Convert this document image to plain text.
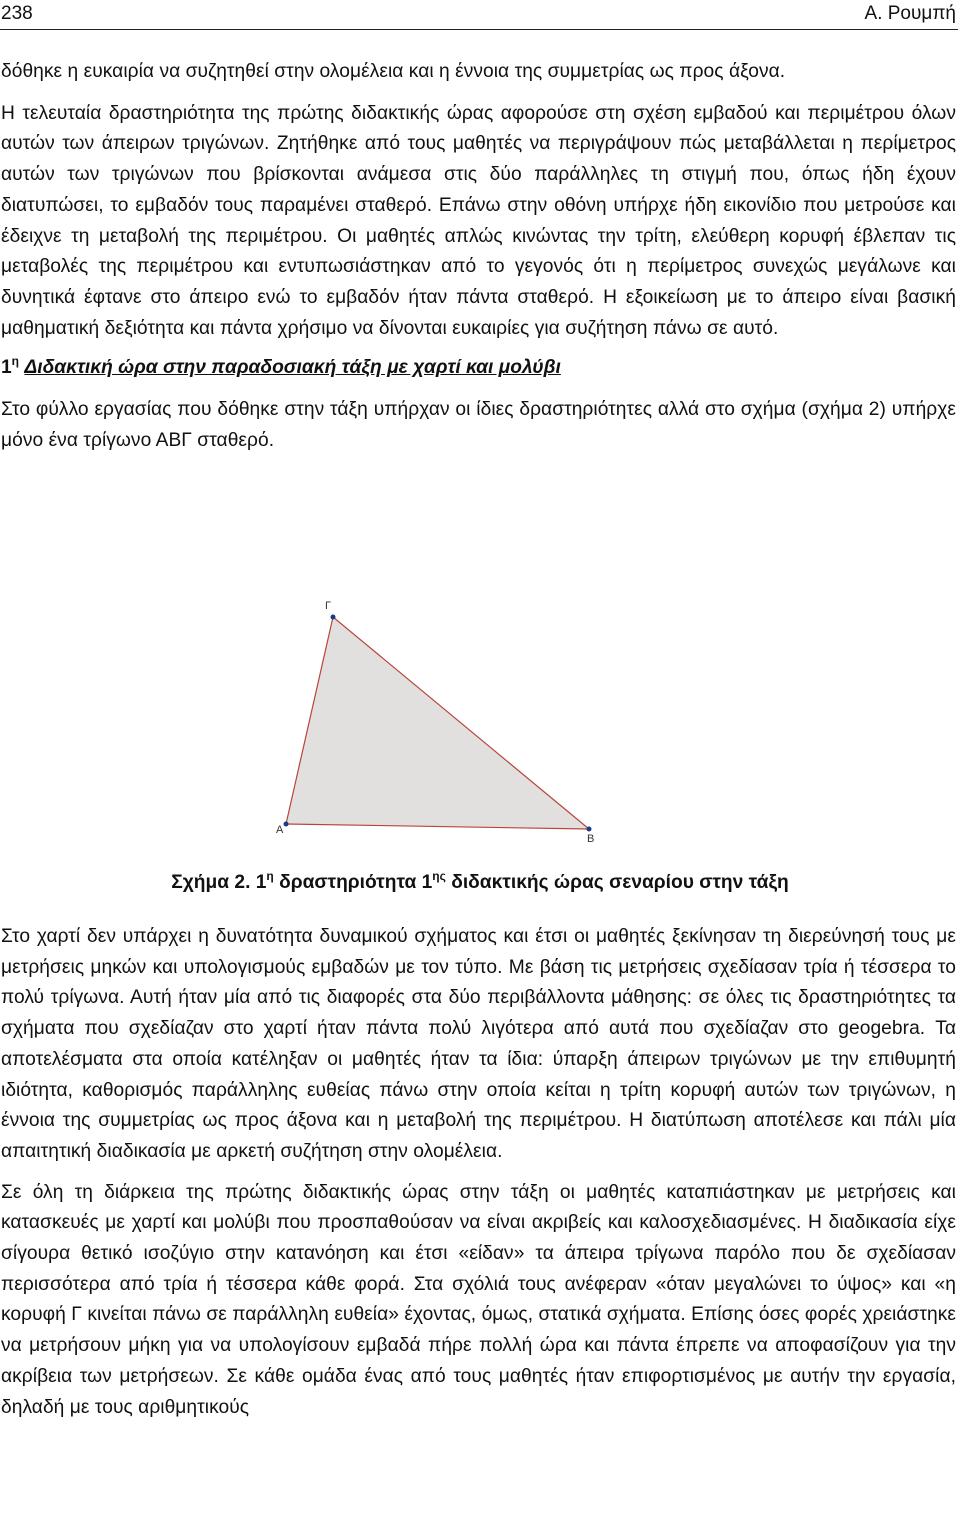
238	Α. Ρουμπή

δόθηκε η ευκαιρία να συζητηθεί στην ολομέλεια και η έννοια της συμμετρίας ως προς άξονα.

Η τελευταία δραστηριότητα της πρώτης διδακτικής ώρας αφορούσε στη σχέση εμβαδού και περιμέτρου όλων αυτών των άπειρων τριγώνων. Ζητήθηκε από τους μαθητές να περιγράψουν πώς μεταβάλλεται η περίμετρος αυτών των τριγώνων που βρίσκονται ανάμεσα στις δύο παράλληλες τη στιγμή που, όπως ήδη έχουν διατυπώσει, το εμβαδόν τους παραμένει σταθερό. Επάνω στην οθόνη υπήρχε ήδη εικονίδιο που μετρούσε και έδειχνε τη μεταβολή της περιμέτρου. Οι μαθητές απλώς κινώντας την τρίτη, ελεύθερη κορυφή έβλεπαν τις μεταβολές της περιμέτρου και εντυπωσιάστηκαν από το γεγονός ότι η περίμετρος συνεχώς μεγάλωνε και δυνητικά έφτανε στο άπειρο ενώ το εμβαδόν ήταν πάντα σταθερό. Η εξοικείωση με το άπειρο είναι βασική μαθηματική δεξιότητα και πάντα χρήσιμο να δίνονται ευκαιρίες για συζήτηση πάνω σε αυτό.

$1^\eta$ Διδακτική ώρα στην παραδοσιακή τάξη με χαρτί και μολύβι

Στο φύλλο εργασίας που δόθηκε στην τάξη υπήρχαν οι ίδιες δραστηριότητες αλλά στο σχήμα (σχήμα 2) υπήρχε μόνο ένα τρίγωνο ΑΒΓ σταθερό.

Γ
Α
Β
Σχήμα 2. $1^\eta$ δραστηριότητα $1^{\eta\varsigma}$ διδακτικής ώρας σεναρίου στην τάξη

Στο χαρτί δεν υπάρχει η δυνατότητα δυναμικού σχήματος και έτσι οι μαθητές ξεκίνησαν τη διερεύνησή τους με μετρήσεις μηκών και υπολογισμούς εμβαδών με τον τύπο. Με βάση τις μετρήσεις σχεδίασαν τρία ή τέσσερα το πολύ τρίγωνα. Αυτή ήταν μία από τις διαφορές στα δύο περιβάλλοντα μάθησης: σε όλες τις δραστηριότητες τα σχήματα που σχεδίαζαν στο χαρτί ήταν πάντα πολύ λιγότερα από αυτά που σχεδίαζαν στο geogebra. Τα αποτελέσματα στα οποία κατέληξαν οι μαθητές ήταν τα ίδια: ύπαρξη άπειρων τριγώνων με την επιθυμητή ιδιότητα, καθορισμός παράλληλης ευθείας πάνω στην οποία κείται η τρίτη κορυφή αυτών των τριγώνων, η έννοια της συμμετρίας ως προς άξονα και η μεταβολή της περιμέτρου. Η διατύπωση αποτέλεσε και πάλι μία απαιτητική διαδικασία με αρκετή συζήτηση στην ολομέλεια.

Σε όλη τη διάρκεια της πρώτης διδακτικής ώρας στην τάξη οι μαθητές καταπιάστηκαν με μετρήσεις και κατασκευές με χαρτί και μολύβι που προσπαθούσαν να είναι ακριβείς και καλοσχεδιασμένες. Η διαδικασία είχε σίγουρα θετικό ισοζύγιο στην κατανόηση και έτσι «είδαν» τα άπειρα τρίγωνα παρόλο που δε σχεδίασαν περισσότερα από τρία ή τέσσερα κάθε φορά. Στα σχόλιά τους ανέφεραν «όταν μεγαλώνει το ύψος» και «η κορυφή Γ κινείται πάνω σε παράλληλη ευθεία» έχοντας, όμως, στατικά σχήματα. Επίσης όσες φορές χρειάστηκε να μετρήσουν μήκη για να υπολογίσουν εμβαδά πήρε πολλή ώρα και πάντα έπρεπε να αποφασίζουν για την ακρίβεια των μετρήσεων. Σε κάθε ομάδα ένας από τους μαθητές ήταν επιφορτισμένος με αυτήν την εργασία, δηλαδή με τους αριθμητικούς
